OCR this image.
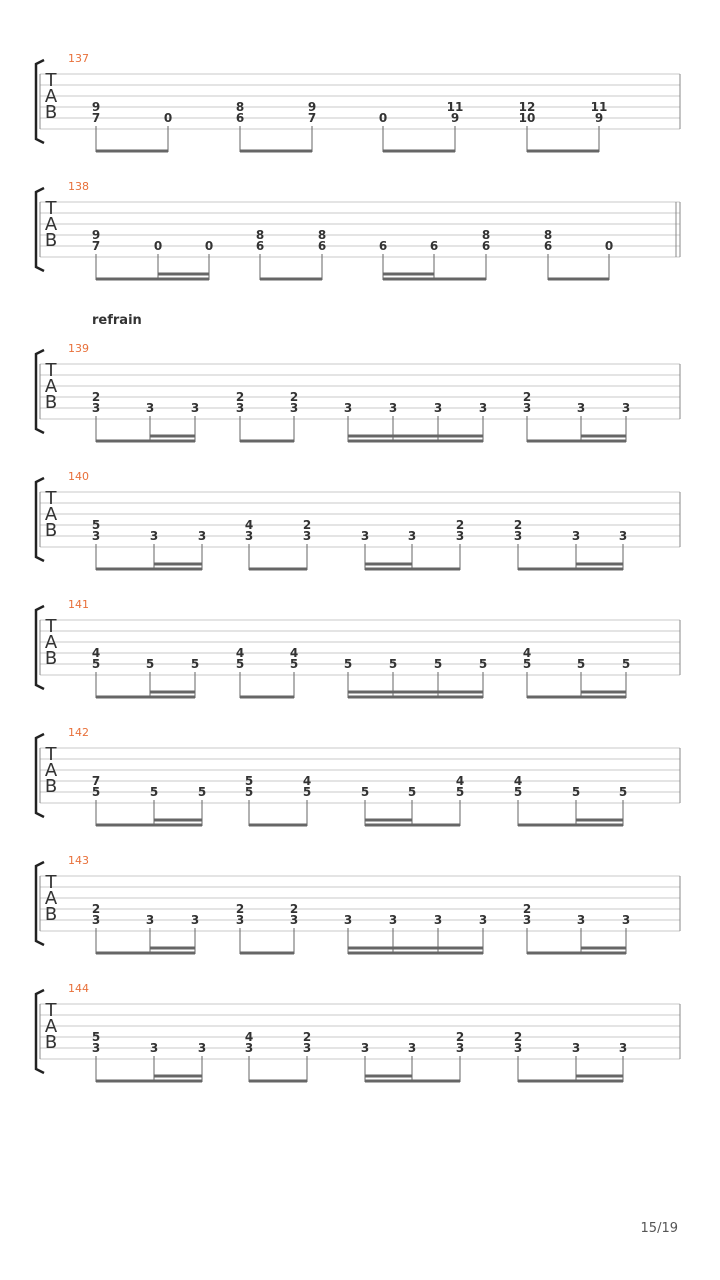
refrain
T
A
B
137
9
7	0
8
6
9
7	0
11
9
12
10
11
9
T
A
B
138
9
7	0	0
8
6
8
6	6	6
8
6
8
6	0
T
A
B
139
2
3	3	3
2
3
2
3	3	3	3	3
2
3	3	3
T
A
B
140
5
3	3	3
4
3
2
3	3	3
2
3
2
3	3	3
T
A
B
141
4
5	5	5
4
5
4
5	5	5	5	5
4
5	5	5
T
A
B
142
7
5	5	5
5
5
4
5	5	5
4
5
4
5	5	5
T
A
B
143
2
3	3	3
2
3
2
3	3	3	3	3
2
3	3	3
T
A
B
144
5
3	3	3
4
3
2
3	3	3
2
3
2
3	3	3
15/19
